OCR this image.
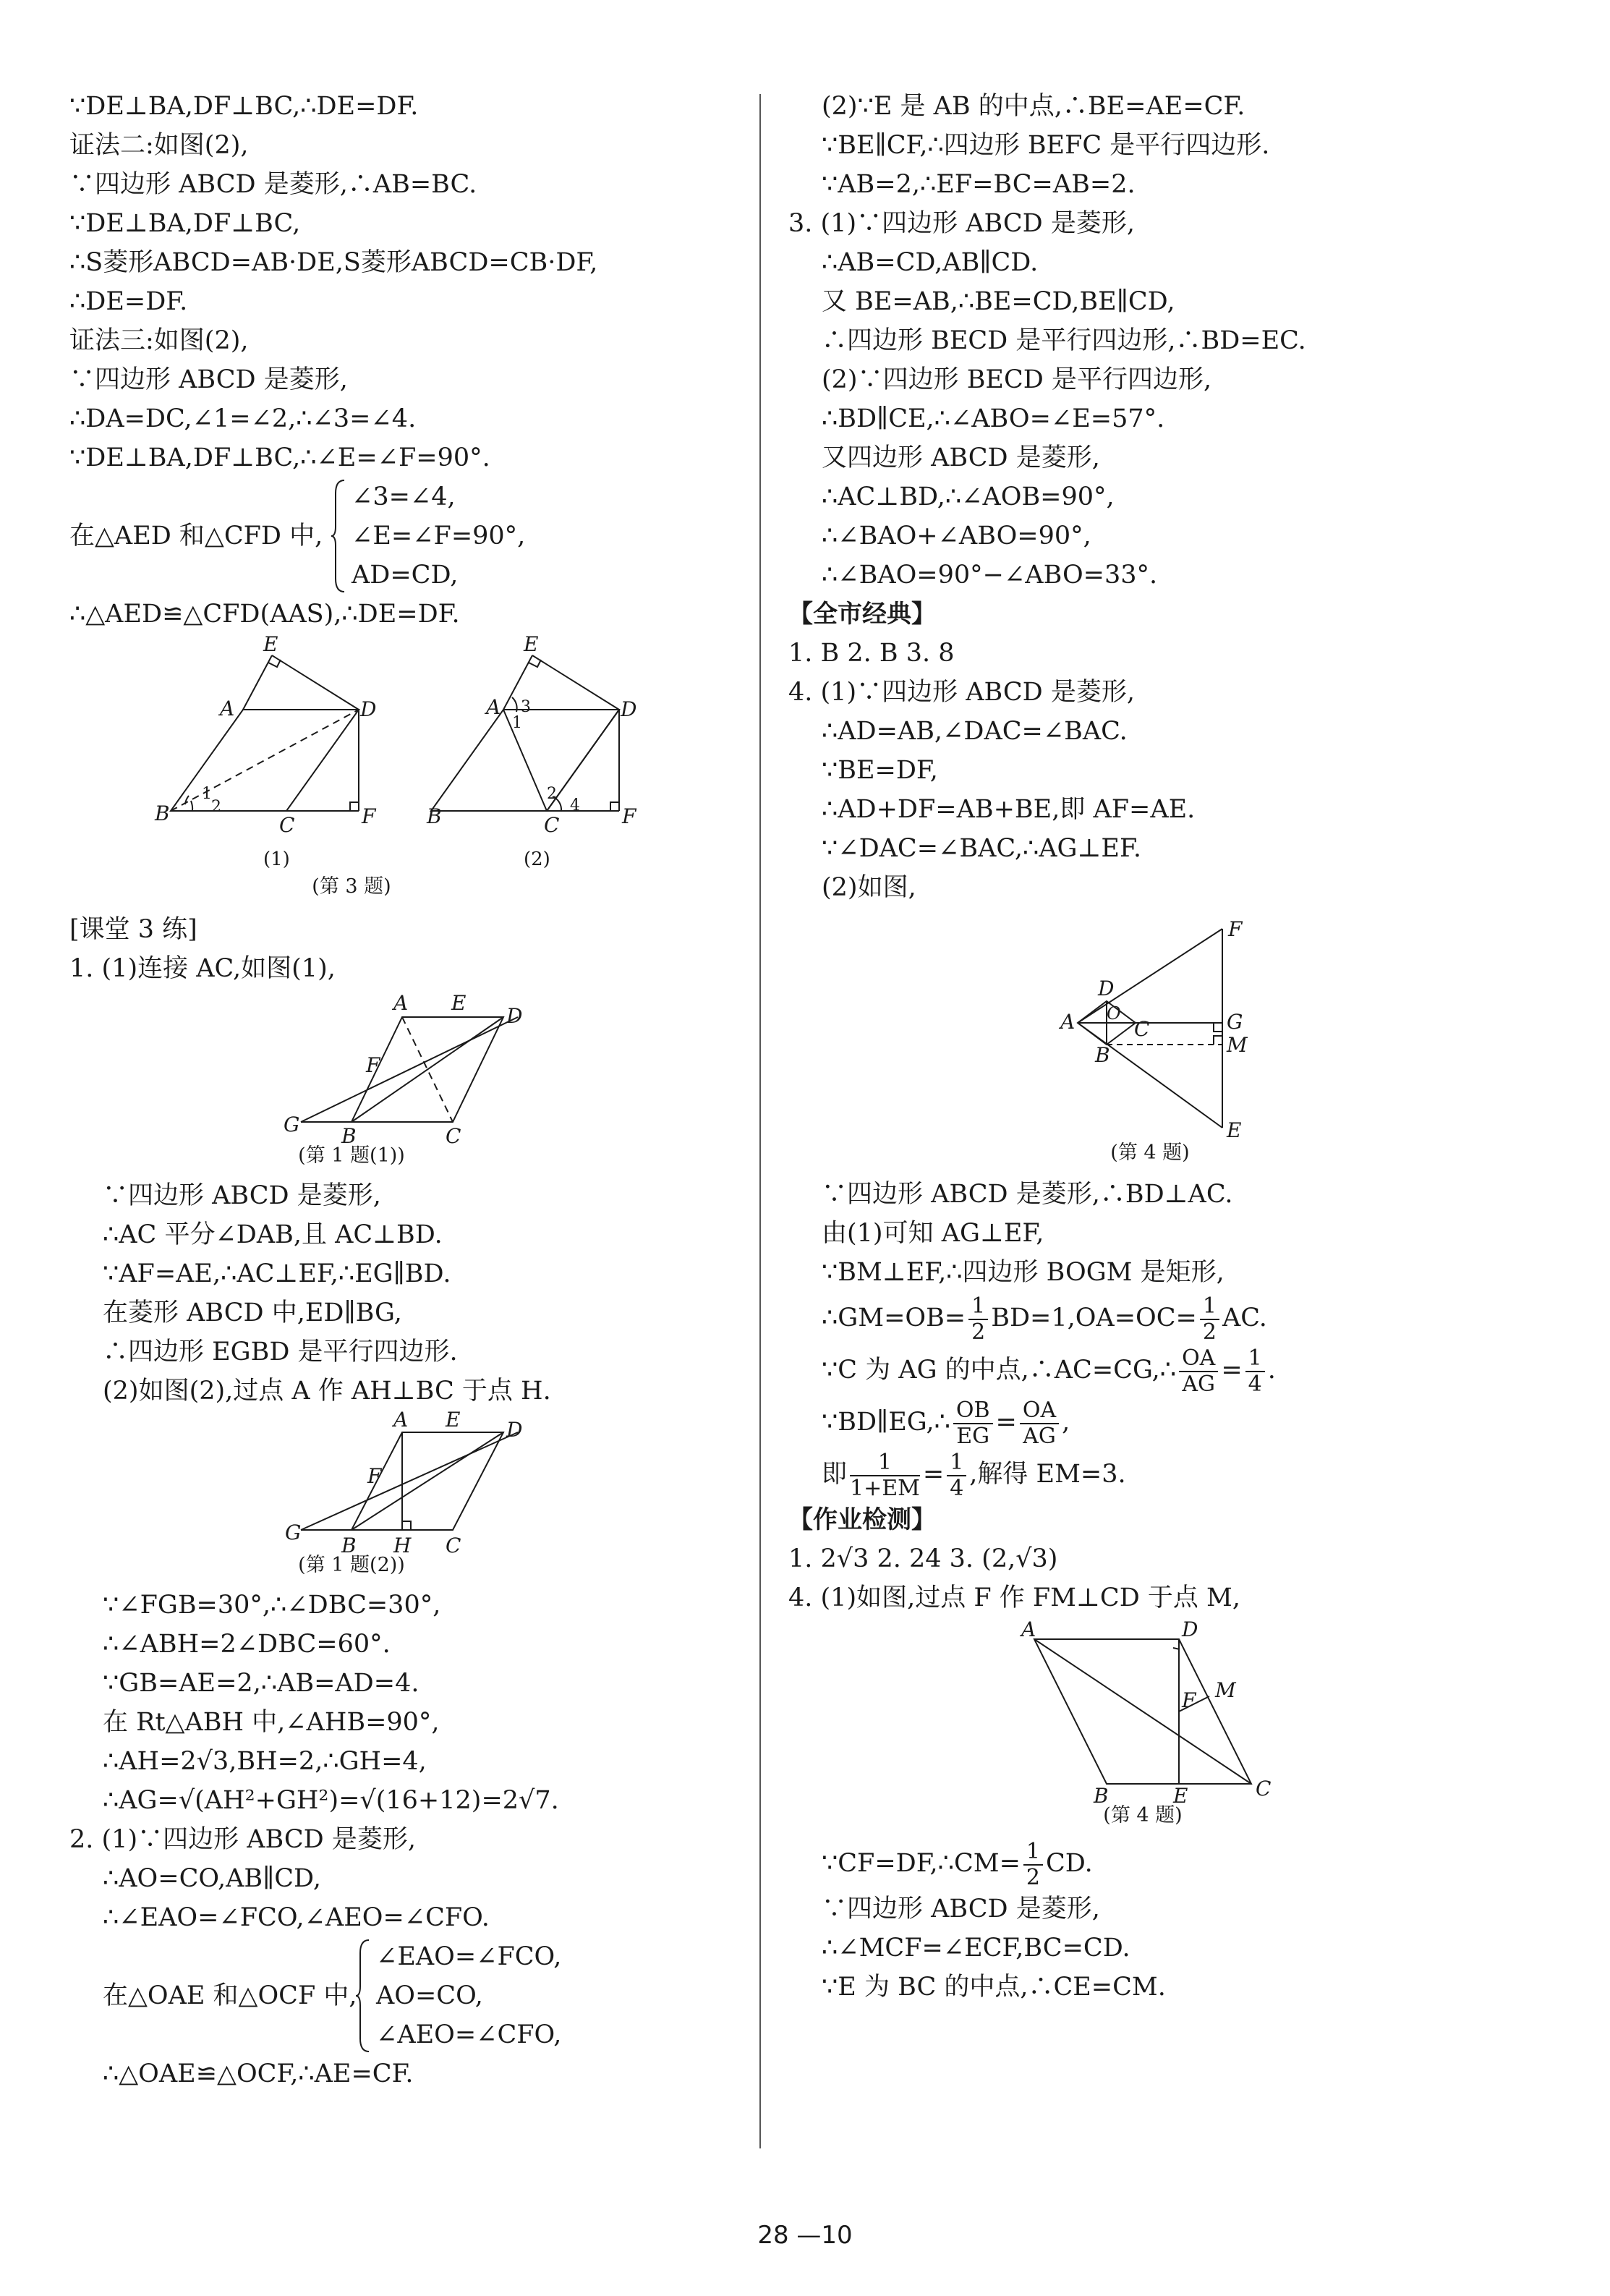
∵DE⊥BA,DF⊥BC,∴DE=DF.
证法二:如图(2),
∵四边形 ABCD 是菱形,∴AB=BC.
∵DE⊥BA,DF⊥BC,
∴S菱形ABCD=AB·DE,S菱形ABCD=CB·DF,
∴DE=DF.
证法三:如图(2),
∵四边形 ABCD 是菱形,
∴DA=DC,∠1=∠2,∴∠3=∠4.
∵DE⊥BA,DF⊥BC,∴∠E=∠F=90°.
在△AED 和△CFD 中,
∠3=∠4,
∠E=∠F=90°,
AD=CD,
∴△AED≌△CFD(AAS),∴DE=DF.
E
A	D
B	C	F
1
2
E
A	D
B	C	F
3
1
2
4
(1)	(2)
(第 3 题)
[课堂 3 练]
1. (1)连接 AC,如图(1),
A E
D
F
G B	C
(第 1 题(1))
∵四边形 ABCD 是菱形,
∴AC 平分∠DAB,且 AC⊥BD.
∵AF=AE,∴AC⊥EF,∴EG∥BD.
在菱形 ABCD 中,ED∥BG,
∴四边形 EGBD 是平行四边形.
(2)如图(2),过点 A 作 AH⊥BC 于点 H.
A E D
F
G
B H C
(第 1 题(2))
∵∠FGB=30°,∴∠DBC=30°,
∴∠ABH=2∠DBC=60°.
∵GB=AE=2,∴AB=AD=4.
在 Rt△ABH 中,∠AHB=90°,
∴AH=2√3,BH=2,∴GH=4,
∴AG=√(AH²+GH²)=√(16+12)=2√7.
2. (1)∵四边形 ABCD 是菱形,
∴AO=CO,AB∥CD,
∴∠EAO=∠FCO,∠AEO=∠CFO.
在△OAE 和△OCF 中,
∠EAO=∠FCO,
AO=CO,
∠AEO=∠CFO,
∴△OAE≌△OCF,∴AE=CF.
(2)∵E 是 AB 的中点,∴BE=AE=CF.
∵BE∥CF,∴四边形 BEFC 是平行四边形.
∵AB=2,∴EF=BC=AB=2.
3. (1)∵四边形 ABCD 是菱形,
∴AB=CD,AB∥CD.
又 BE=AB,∴BE=CD,BE∥CD,
∴四边形 BECD 是平行四边形,∴BD=EC.
(2)∵四边形 BECD 是平行四边形,
∴BD∥CE,∴∠ABO=∠E=57°.
又四边形 ABCD 是菱形,
∴AC⊥BD,∴∠AOB=90°,
∴∠BAO+∠ABO=90°,
∴∠BAO=90°−∠ABO=33°.
【全市经典】
1. B 2. B 3. 8
4. (1)∵四边形 ABCD 是菱形,
∴AD=AB,∠DAC=∠BAC.
∵BE=DF,
∴AD+DF=AB+BE,即 AF=AE.
∵∠DAC=∠BAC,∴AG⊥EF.
(2)如图,
F
D
A O
C	G
M
B
E
(第 4 题)
∵四边形 ABCD 是菱形,∴BD⊥AC.
由(1)可知 AG⊥EF,
∵BM⊥EF,∴四边形 BOGM 是矩形,
∴GM=OB= $\frac{1}{2} BD=1,OA=OC= \frac{1}{2}$ AC.
∵C 为 AG 的中点,∴AC=CG,∴ $\frac{OA}{AG} = \frac{1}{4}$ .
∵BD∥EG,∴ $\frac{OB}{EG} = \frac{OA}{AG}$ ,
即 $\frac{1}{1+EM} = \frac{1}{4}$ ,解得 EM=3.
【作业检测】
1. 2√3 2. 24 3. (2,√3)
4. (1)如图,过点 F 作 FM⊥CD 于点 M,
A	D
F M
B	E	C
(第 4 题)
∵CF=DF,∴CM= $\frac{1}{2}$ CD.
∵四边形 ABCD 是菱形,
∴∠MCF=∠ECF,BC=CD.
∵E 为 BC 的中点,∴CE=CM.
28 —10
